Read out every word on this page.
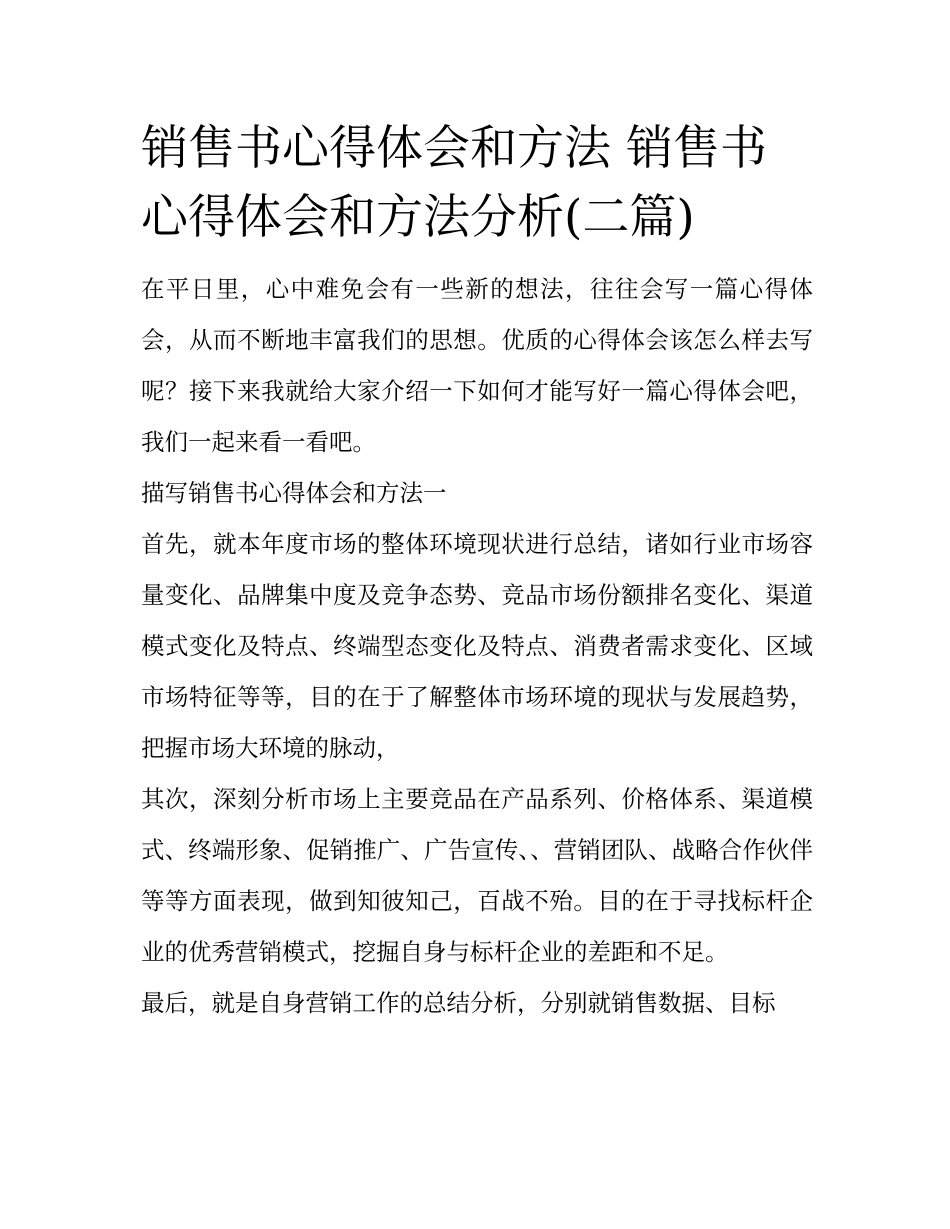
销售书心得体会和方法 销售书心得体会和方法分析(二篇)

在平日里，心中难免会有一些新的想法，往往会写一篇心得体会，从而不断地丰富我们的思想。优质的心得体会该怎么样去写呢？接下来我就给大家介绍一下如何才能写好一篇心得体会吧，我们一起来看一看吧。

描写销售书心得体会和方法一

首先，就本年度市场的整体环境现状进行总结，诸如行业市场容量变化、品牌集中度及竞争态势、竞品市场份额排名变化、渠道模式变化及特点、终端型态变化及特点、消费者需求变化、区域市场特征等等，目的在于了解整体市场环境的现状与发展趋势，把握市场大环境的脉动，

其次，深刻分析市场上主要竞品在产品系列、价格体系、渠道模式、终端形象、促销推广、广告宣传、、营销团队、战略合作伙伴等等方面表现，做到知彼知己，百战不殆。目的在于寻找标杆企业的优秀营销模式，挖掘自身与标杆企业的差距和不足。

最后，就是自身营销工作的总结分析，分别就销售数据、目标
